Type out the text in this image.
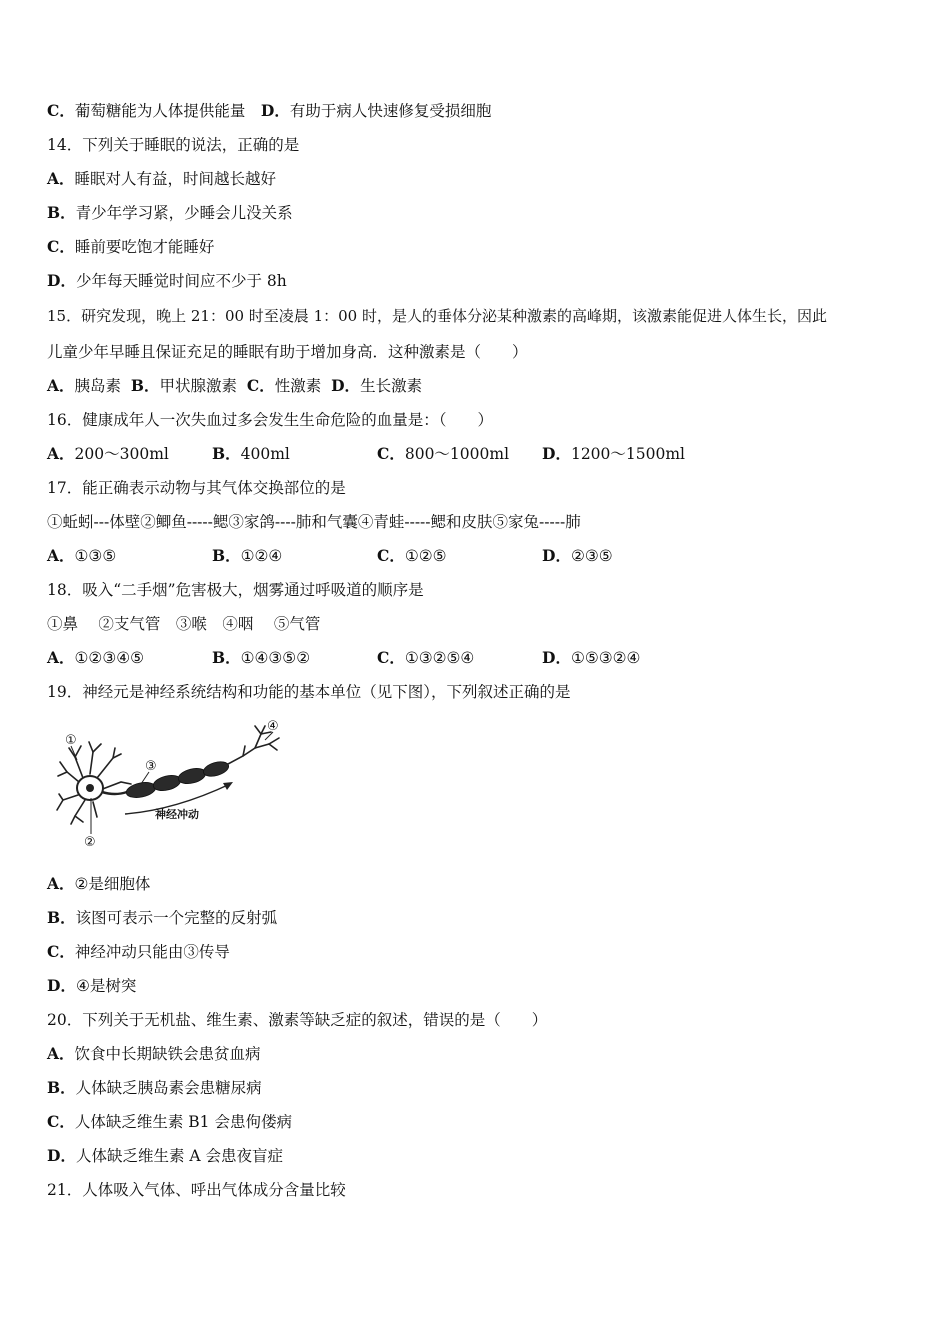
C．葡萄糖能为人体提供能量　 D．有助于病人快速修复受损细胞
14．下列关于睡眠的说法，正确的是
A．睡眠对人有益，时间越长越好
B．青少年学习紧，少睡会儿没关系
C．睡前要吃饱才能睡好
D．少年每天睡觉时间应不少于 8h
15．研究发现，晚上 21：00 时至凌晨 1：00 时，是人的垂体分泌某种激素的高峰期，该激素能促进人体生长，因此
儿童少年早睡且保证充足的睡眠有助于增加身高．这种激素是（　　）
A．胰岛素 B．甲状腺激素 C．性激素 D．生长激素
16．健康成年人一次失血过多会发生生命危险的血量是：（　　）
A．200～300ml	B．400ml	C．800～1000ml D．1200～1500ml
17．能正确表示动物与其气体交换部位的是
①蚯蚓---体壁②鲫鱼-----鳃③家鸽----肺和气囊④青蛙-----鳃和皮肤⑤家兔-----肺
A．①③⑤	B．①②④	C．①②⑤	D．②③⑤
18．吸入“二手烟”危害极大，烟雾通过呼吸道的顺序是
①鼻　 ②支气管　③喉　④咽　 ⑤气管
A．①②③④⑤	B．①④③⑤②	C．①③②⑤④	D．①⑤③②④
19．神经元是神经系统结构和功能的基本单位（见下图），下列叙述正确的是
①
②
③
④
神经冲动
A．②是细胞体
B．该图可表示一个完整的反射弧
C．神经冲动只能由③传导
D．④是树突
20．下列关于无机盐、维生素、激素等缺乏症的叙述，错误的是（　　）
A．饮食中长期缺铁会患贫血病
B．人体缺乏胰岛素会患糖尿病
C．人体缺乏维生素 B1 会患佝偻病
D．人体缺乏维生素 A 会患夜盲症
21．人体吸入气体、呼出气体成分含量比较
